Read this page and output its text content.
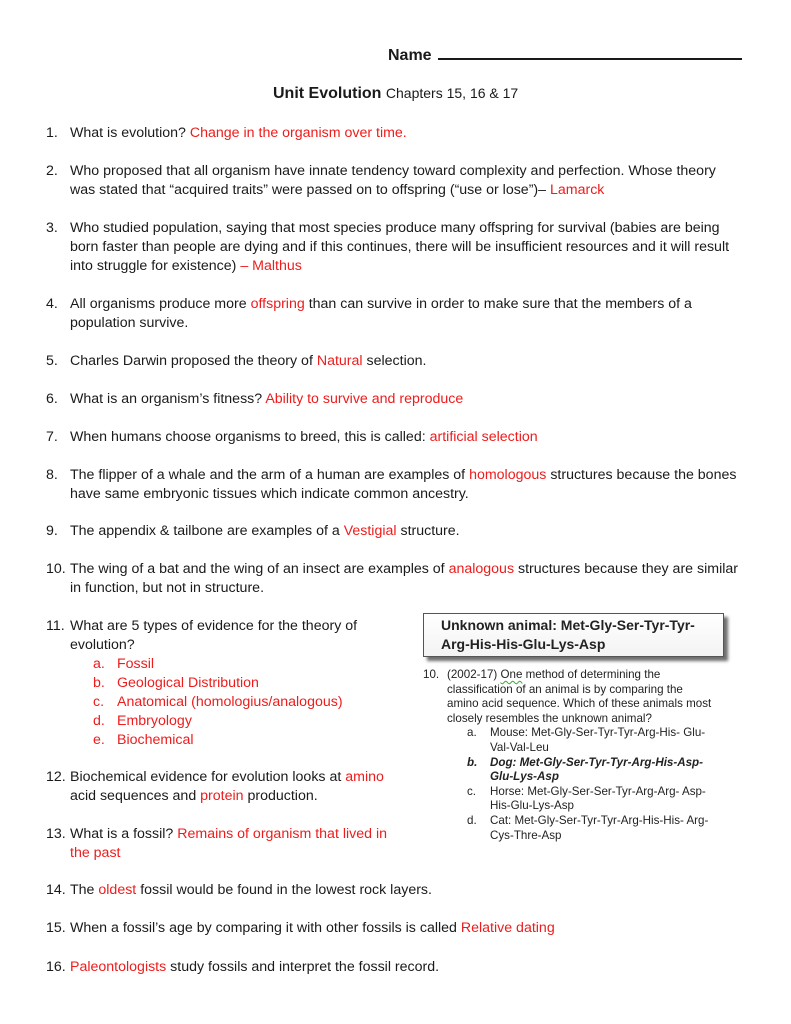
Name
Unit Evolution Chapters 15, 16 & 17
1. What is evolution? Change in the organism over time.
2. Who proposed that all organism have innate tendency toward complexity and perfection. Whose theory
was stated that “acquired traits” were passed on to offspring (“use or lose”)– Lamarck
3. Who studied population, saying that most species produce many offspring for survival (babies are being
born faster than people are dying and if this continues, there will be insufficient resources and it will result
into struggle for existence) – Malthus
4. All organisms produce more offspring than can survive in order to make sure that the members of a
population survive.
5. Charles Darwin proposed the theory of Natural selection.
6. What is an organism’s fitness? Ability to survive and reproduce
7. When humans choose organisms to breed, this is called: artificial selection
8. The flipper of a whale and the arm of a human are examples of homologous structures because the bones
have same embryonic tissues which indicate common ancestry.
9. The appendix & tailbone are examples of a Vestigial structure.
10. The wing of a bat and the wing of an insect are examples of analogous structures because they are similar
in function, but not in structure.
11. What are 5 types of evidence for the theory of
evolution?
a. Fossil
b. Geological Distribution
c. Anatomical (homologius/analogous)
d. Embryology
e. Biochemical
12. Biochemical evidence for evolution looks at amino
acid sequences and protein production.
13. What is a fossil? Remains of organism that lived in
the past
14. The oldest fossil would be found in the lowest rock layers.
15. When a fossil’s age by comparing it with other fossils is called Relative dating
16. Paleontologists study fossils and interpret the fossil record.
Unknown animal: Met-Gly-Ser-Tyr-Tyr-
Arg-His-His-Glu-Lys-Asp
10. (2002-17) One method of determining the
classification of an animal is by comparing the
amino acid sequence. Which of these animals most
closely resembles the unknown animal?
a. Mouse: Met-Gly-Ser-Tyr-Tyr-Arg-His- Glu-
Val-Val-Leu
b. Dog: Met-Gly-Ser-Tyr-Tyr-Arg-His-Asp-
Glu-Lys-Asp
c. Horse: Met-Gly-Ser-Ser-Tyr-Arg-Arg- Asp-
His-Glu-Lys-Asp
d. Cat: Met-Gly-Ser-Tyr-Tyr-Arg-His-His- Arg-
Cys-Thre-Asp
